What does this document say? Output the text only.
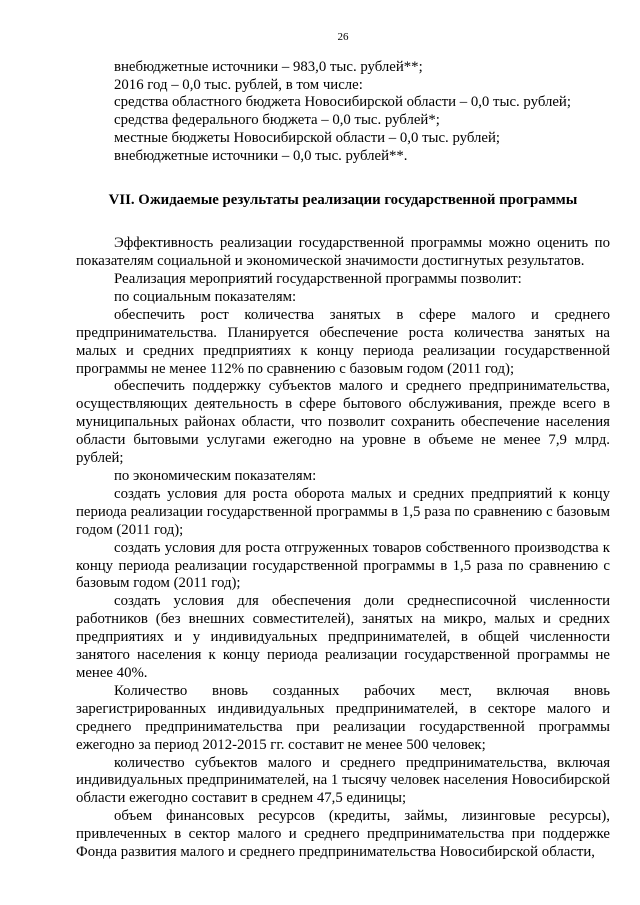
26

внебюджетные источники – 983,0 тыс. рублей**;

2016 год – 0,0 тыс. рублей, в том числе:

средства областного бюджета Новосибирской области – 0,0 тыс. рублей;

средства федерального бюджета – 0,0 тыс. рублей*;

местные бюджеты Новосибирской области – 0,0 тыс. рублей;

внебюджетные источники – 0,0 тыс. рублей**.

VII. Ожидаемые результаты реализации государственной программы

Эффективность реализации государственной программы можно оценить по показателям социальной и экономической значимости достигнутых результатов.

Реализация мероприятий государственной программы позволит:

по социальным показателям:

обеспечить рост количества занятых в сфере малого и среднего предпринимательства. Планируется обеспечение роста количества занятых на малых и средних предприятиях к концу периода реализации государственной программы не менее 112% по сравнению с базовым годом (2011 год);

обеспечить поддержку субъектов малого и среднего предпринимательства, осуществляющих деятельность в сфере бытового обслуживания, прежде всего в муниципальных районах области, что позволит сохранить обеспечение населения области бытовыми услугами ежегодно на уровне в объеме не менее 7,9 млрд. рублей;

по экономическим показателям:

создать условия для роста оборота малых и средних предприятий к концу периода реализации государственной программы в 1,5 раза по сравнению с базовым годом (2011 год);

создать условия для роста отгруженных товаров собственного производства к концу периода реализации государственной программы в 1,5 раза по сравнению с базовым годом (2011 год);

создать условия для обеспечения доли среднесписочной численности работников (без внешних совместителей), занятых на микро, малых и средних предприятиях и у индивидуальных предпринимателей, в общей численности занятого населения к концу периода реализации государственной программы не менее 40%.

Количество вновь созданных рабочих мест, включая вновь зарегистрированных индивидуальных предпринимателей, в секторе малого и среднего предпринимательства при реализации государственной программы ежегодно за период 2012-2015 гг. составит не менее 500 человек;

количество субъектов малого и среднего предпринимательства, включая индивидуальных предпринимателей, на 1 тысячу человек населения Новосибирской области ежегодно составит в среднем 47,5 единицы;

объем финансовых ресурсов (кредиты, займы, лизинговые ресурсы), привлеченных в сектор малого и среднего предпринимательства при поддержке Фонда развития малого и среднего предпринимательства Новосибирской области,
